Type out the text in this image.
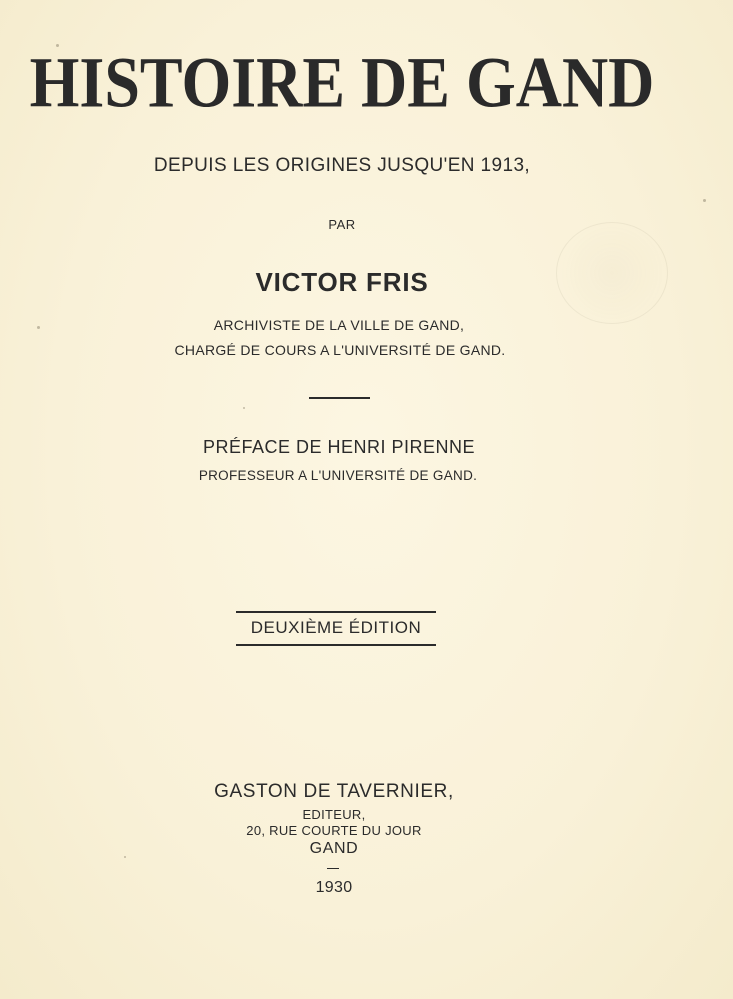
HISTOIRE DE GAND
DEPUIS LES ORIGINES JUSQU'EN 1913,
PAR
VICTOR FRIS
ARCHIVISTE DE LA VILLE DE GAND,
CHARGÉ DE COURS A L'UNIVERSITÉ DE GAND.
PRÉFACE DE HENRI PIRENNE
PROFESSEUR A L'UNIVERSITÉ DE GAND.
DEUXIÈME ÉDITION
GASTON DE TAVERNIER,
EDITEUR,
20, RUE COURTE DU JOUR
GAND
1930
